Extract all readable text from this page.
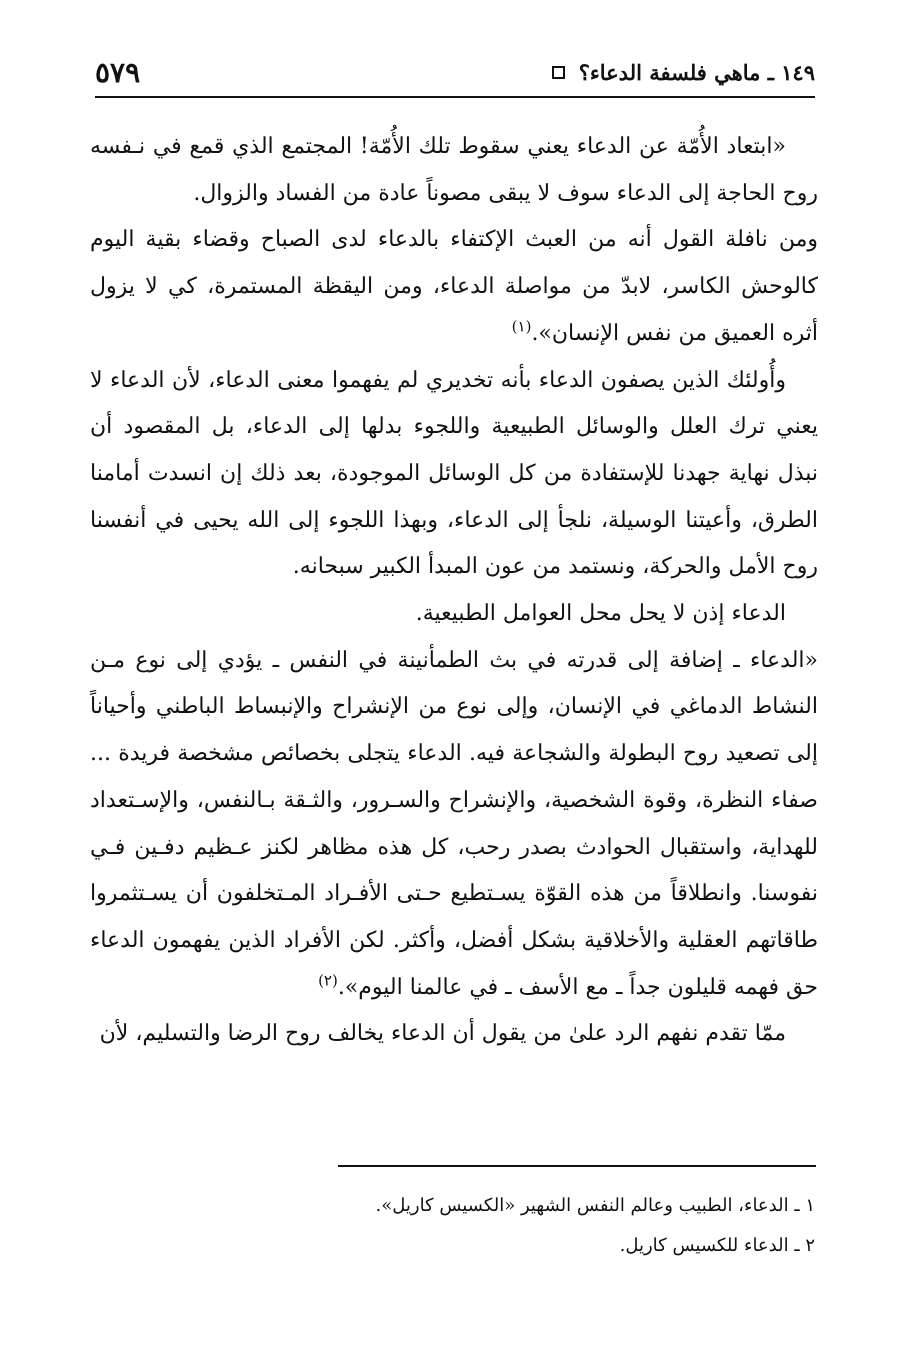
١٤٩ ـ ماهي فلسفة الدعاء؟
٥٧٩

«ابتعاد الأُمّة عن الدعاء يعني سقوط تلك الأُمّة! المجتمع الذي قمع في نـفسه روح الحاجة إلى الدعاء سوف لا يبقى مصوناً عادة من الفساد والزوال.

ومن نافلة القول أنه من العبث الإكتفاء بالدعاء لدى الصباح وقضاء بقية اليوم كالوحش الكاسر، لابدّ من مواصلة الدعاء، ومن اليقظة المستمرة، كي لا يزول أثره العميق من نفس الإنسان».$^{(١)}$

وأُولئك الذين يصفون الدعاء بأنه تخديري لم يفهموا معنى الدعاء، لأن الدعاء لا يعني ترك العلل والوسائل الطبيعية واللجوء بدلها إلى الدعاء، بل المقصود أن نبذل نهاية جهدنا للإستفادة من كل الوسائل الموجودة، بعد ذلك إن انسدت أمامنا الطرق، وأعيتنا الوسيلة، نلجأ إلى الدعاء، وبهذا اللجوء إلى الله يحيى في أنفسنا روح الأمل والحركة، ونستمد من عون المبدأ الكبير سبحانه.

الدعاء إذن لا يحل محل العوامل الطبيعية.

«الدعاء ـ إضافة إلى قدرته في بث الطمأنينة في النفس ـ يؤدي إلى نوع مـن النشاط الدماغي في الإنسان، وإلى نوع من الإنشراح والإنبساط الباطني وأحياناً إلى تصعيد روح البطولة والشجاعة فيه. الدعاء يتجلى بخصائص مشخصة فريدة ... صفاء النظرة، وقوة الشخصية، والإنشراح والسـرور، والثـقة بـالنفس، والإسـتعداد للهداية، واستقبال الحوادث بصدر رحب، كل هذه مظاهر لكنز عـظيم دفـين فـي نفوسنا. وانطلاقاً من هذه القوّة يسـتطيع حـتى الأفـراد المـتخلفون أن يسـتثمروا طاقاتهم العقلية والأخلاقية بشكل أفضل، وأكثر. لكن الأفراد الذين يفهمون الدعاء حق فهمه قليلون جداً ـ مع الأسف ـ في عالمنا اليوم».$^{(٢)}$

ممّا تقدم نفهم الرد علىٰ من يقول أن الدعاء يخالف روح الرضا والتسليم، لأن

١ ـ الدعاء، الطبيب وعالم النفس الشهير «الكسيس كاريل».

٢ ـ الدعاء للكسيس كاريل.
